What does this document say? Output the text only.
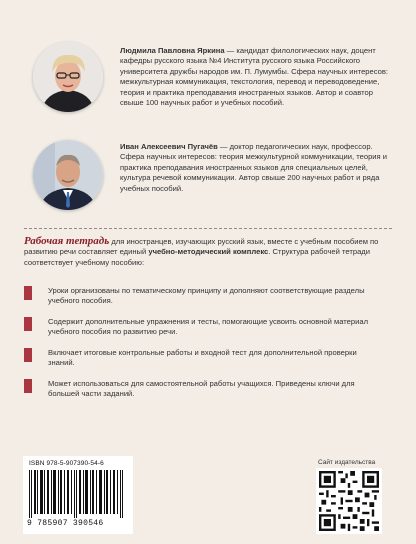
Людмила Павловна Яркина — кандидат филологических наук, доцент кафедры русского языка №4 Института русского языка Российского университета дружбы народов им. П. Лумумбы. Сфера научных интересов: межкультурная коммуникация, текстология, перевод и переводоведение, теория и практика преподавания иностранных языков. Автор и соавтор свыше 100 научных работ и учебных пособий.

Иван Алексеевич Пугачёв — доктор педагогических наук, профессор. Сфера научных интересов: теория межкультурной коммуникации, теория и практика преподавания иностранных языков для специальных целей, культура речевой коммуникации. Автор свыше 200 научных работ и ряда учебных пособий.

Рабочая тетрадь для иностранцев, изучающих русский язык, вместе с учебным пособием по развитию речи составляет единый учебно-методический комплекс. Структура рабочей тетради соответствует учебному пособию:

Уроки организованы по тематическому принципу и дополняют соответствующие разделы учебного пособия.
Содержит дополнительные упражнения и тесты, помогающие усвоить основной материал учебного пособия по развитию речи.
Включает итоговые контрольные работы и входной тест для дополнительной проверки знаний.
Может использоваться для самостоятельной работы учащихся. Приведены ключи для большей части заданий.
ISBN 978-5-907390-54-6
9 785907 390546
Сайт издательства
